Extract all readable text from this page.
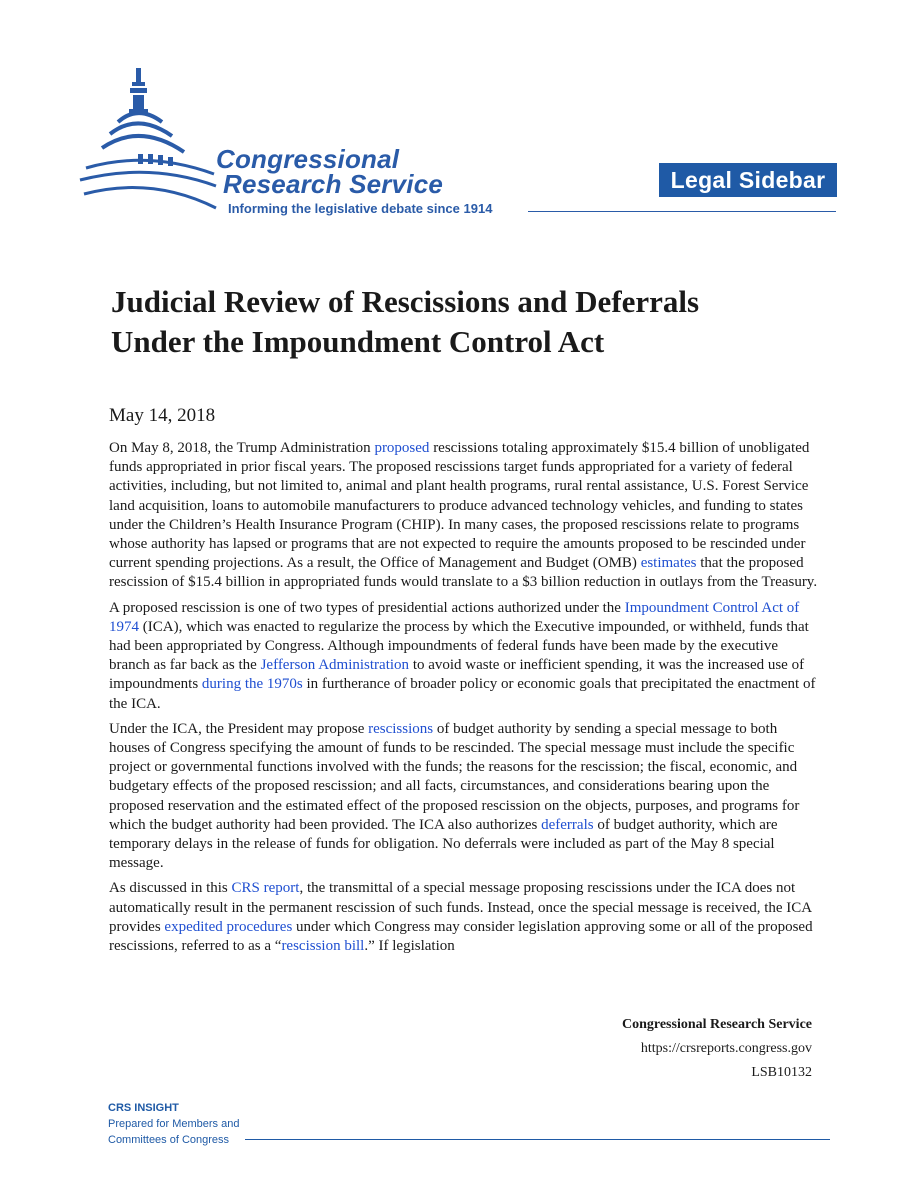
Congressional
Research Service
Informing the legislative debate since 1914
Legal Sidebar
Judicial Review of Rescissions and Deferrals
Under the Impoundment Control Act
May 14, 2018

On May 8, 2018, the Trump Administration proposed rescissions totaling approximately $15.4 billion of unobligated funds appropriated in prior fiscal years. The proposed rescissions target funds appropriated for a variety of federal activities, including, but not limited to, animal and plant health programs, rural rental assistance, U.S. Forest Service land acquisition, loans to automobile manufacturers to produce advanced technology vehicles, and funding to states under the Children’s Health Insurance Program (CHIP). In many cases, the proposed rescissions relate to programs whose authority has lapsed or programs that are not expected to require the amounts proposed to be rescinded under current spending projections. As a result, the Office of Management and Budget (OMB) estimates that the proposed rescission of $15.4 billion in appropriated funds would translate to a $3 billion reduction in outlays from the Treasury.

A proposed rescission is one of two types of presidential actions authorized under the Impoundment Control Act of 1974 (ICA), which was enacted to regularize the process by which the Executive impounded, or withheld, funds that had been appropriated by Congress. Although impoundments of federal funds have been made by the executive branch as far back as the Jefferson Administration to avoid waste or inefficient spending, it was the increased use of impoundments during the 1970s in furtherance of broader policy or economic goals that precipitated the enactment of the ICA.

Under the ICA, the President may propose rescissions of budget authority by sending a special message to both houses of Congress specifying the amount of funds to be rescinded. The special message must include the specific project or governmental functions involved with the funds; the reasons for the rescission; the fiscal, economic, and budgetary effects of the proposed rescission; and all facts, circumstances, and considerations bearing upon the proposed reservation and the estimated effect of the proposed rescission on the objects, purposes, and programs for which the budget authority had been provided. The ICA also authorizes deferrals of budget authority, which are temporary delays in the release of funds for obligation. No deferrals were included as part of the May 8 special message.

As discussed in this CRS report, the transmittal of a special message proposing rescissions under the ICA does not automatically result in the permanent rescission of such funds. Instead, once the special message is received, the ICA provides expedited procedures under which Congress may consider legislation approving some or all of the proposed rescissions, referred to as a “rescission bill.” If legislation

Congressional Research Service
https://crsreports.congress.gov
LSB10132
CRS INSIGHT
Prepared for Members and
Committees of Congress
